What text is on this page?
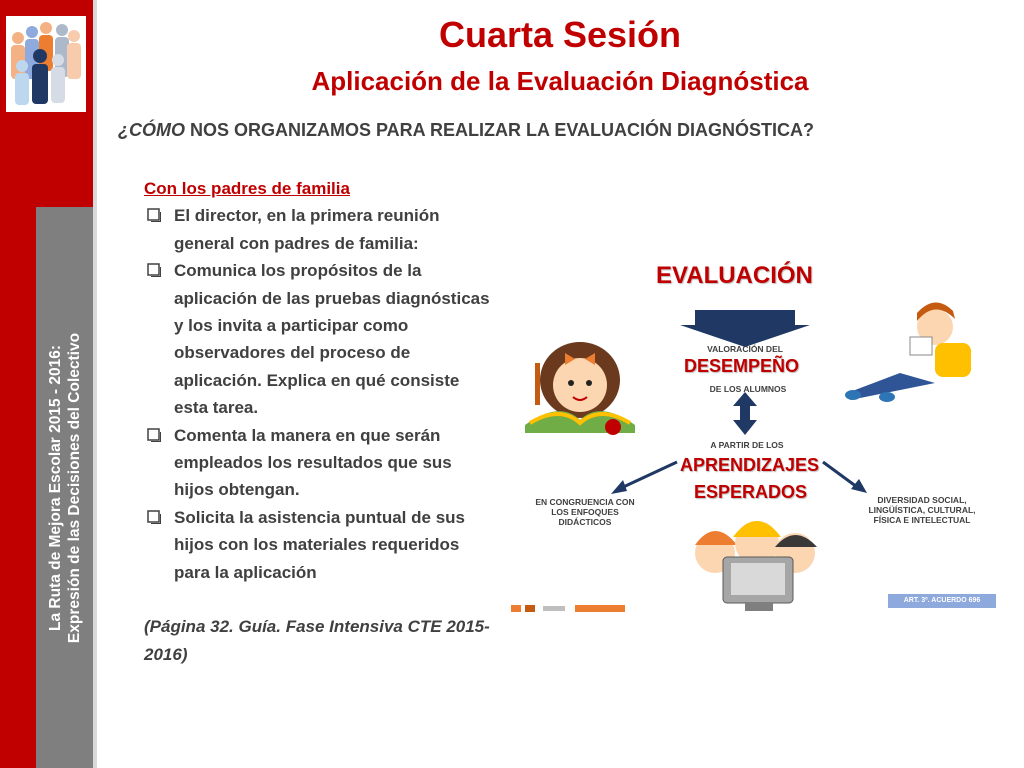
La Ruta de Mejora Escolar 2015 - 2016: Expresión de las Decisiones del Colectivo
Cuarta Sesión
Aplicación de la Evaluación Diagnóstica
¿CÓMO NOS ORGANIZAMOS PARA REALIZAR LA EVALUACIÓN DIAGNÓSTICA?
Con los padres de familia
El director, en la primera reunión general con padres de familia:
Comunica los propósitos de la aplicación de las pruebas diagnósticas y los invita a participar como observadores del proceso de aplicación. Explica en qué consiste esta tarea.
Comenta la manera en que serán empleados los resultados que sus hijos obtengan.
Solicita la asistencia puntual de sus hijos con los materiales requeridos para la aplicación
(Página 32. Guía. Fase Intensiva CTE 2015-2016)
EVALUACIÓN
VALORACIÓN DEL
DESEMPEÑO
DE LOS ALUMNOS
A PARTIR DE LOS
APRENDIZAJES
ESPERADOS
EN CONGRUENCIA CON LOS ENFOQUES DIDÁCTICOS
DIVERSIDAD SOCIAL, LINGÜÍSTICA, CULTURAL, FÍSICA E INTELECTUAL
ART. 3º. ACUERDO 696
